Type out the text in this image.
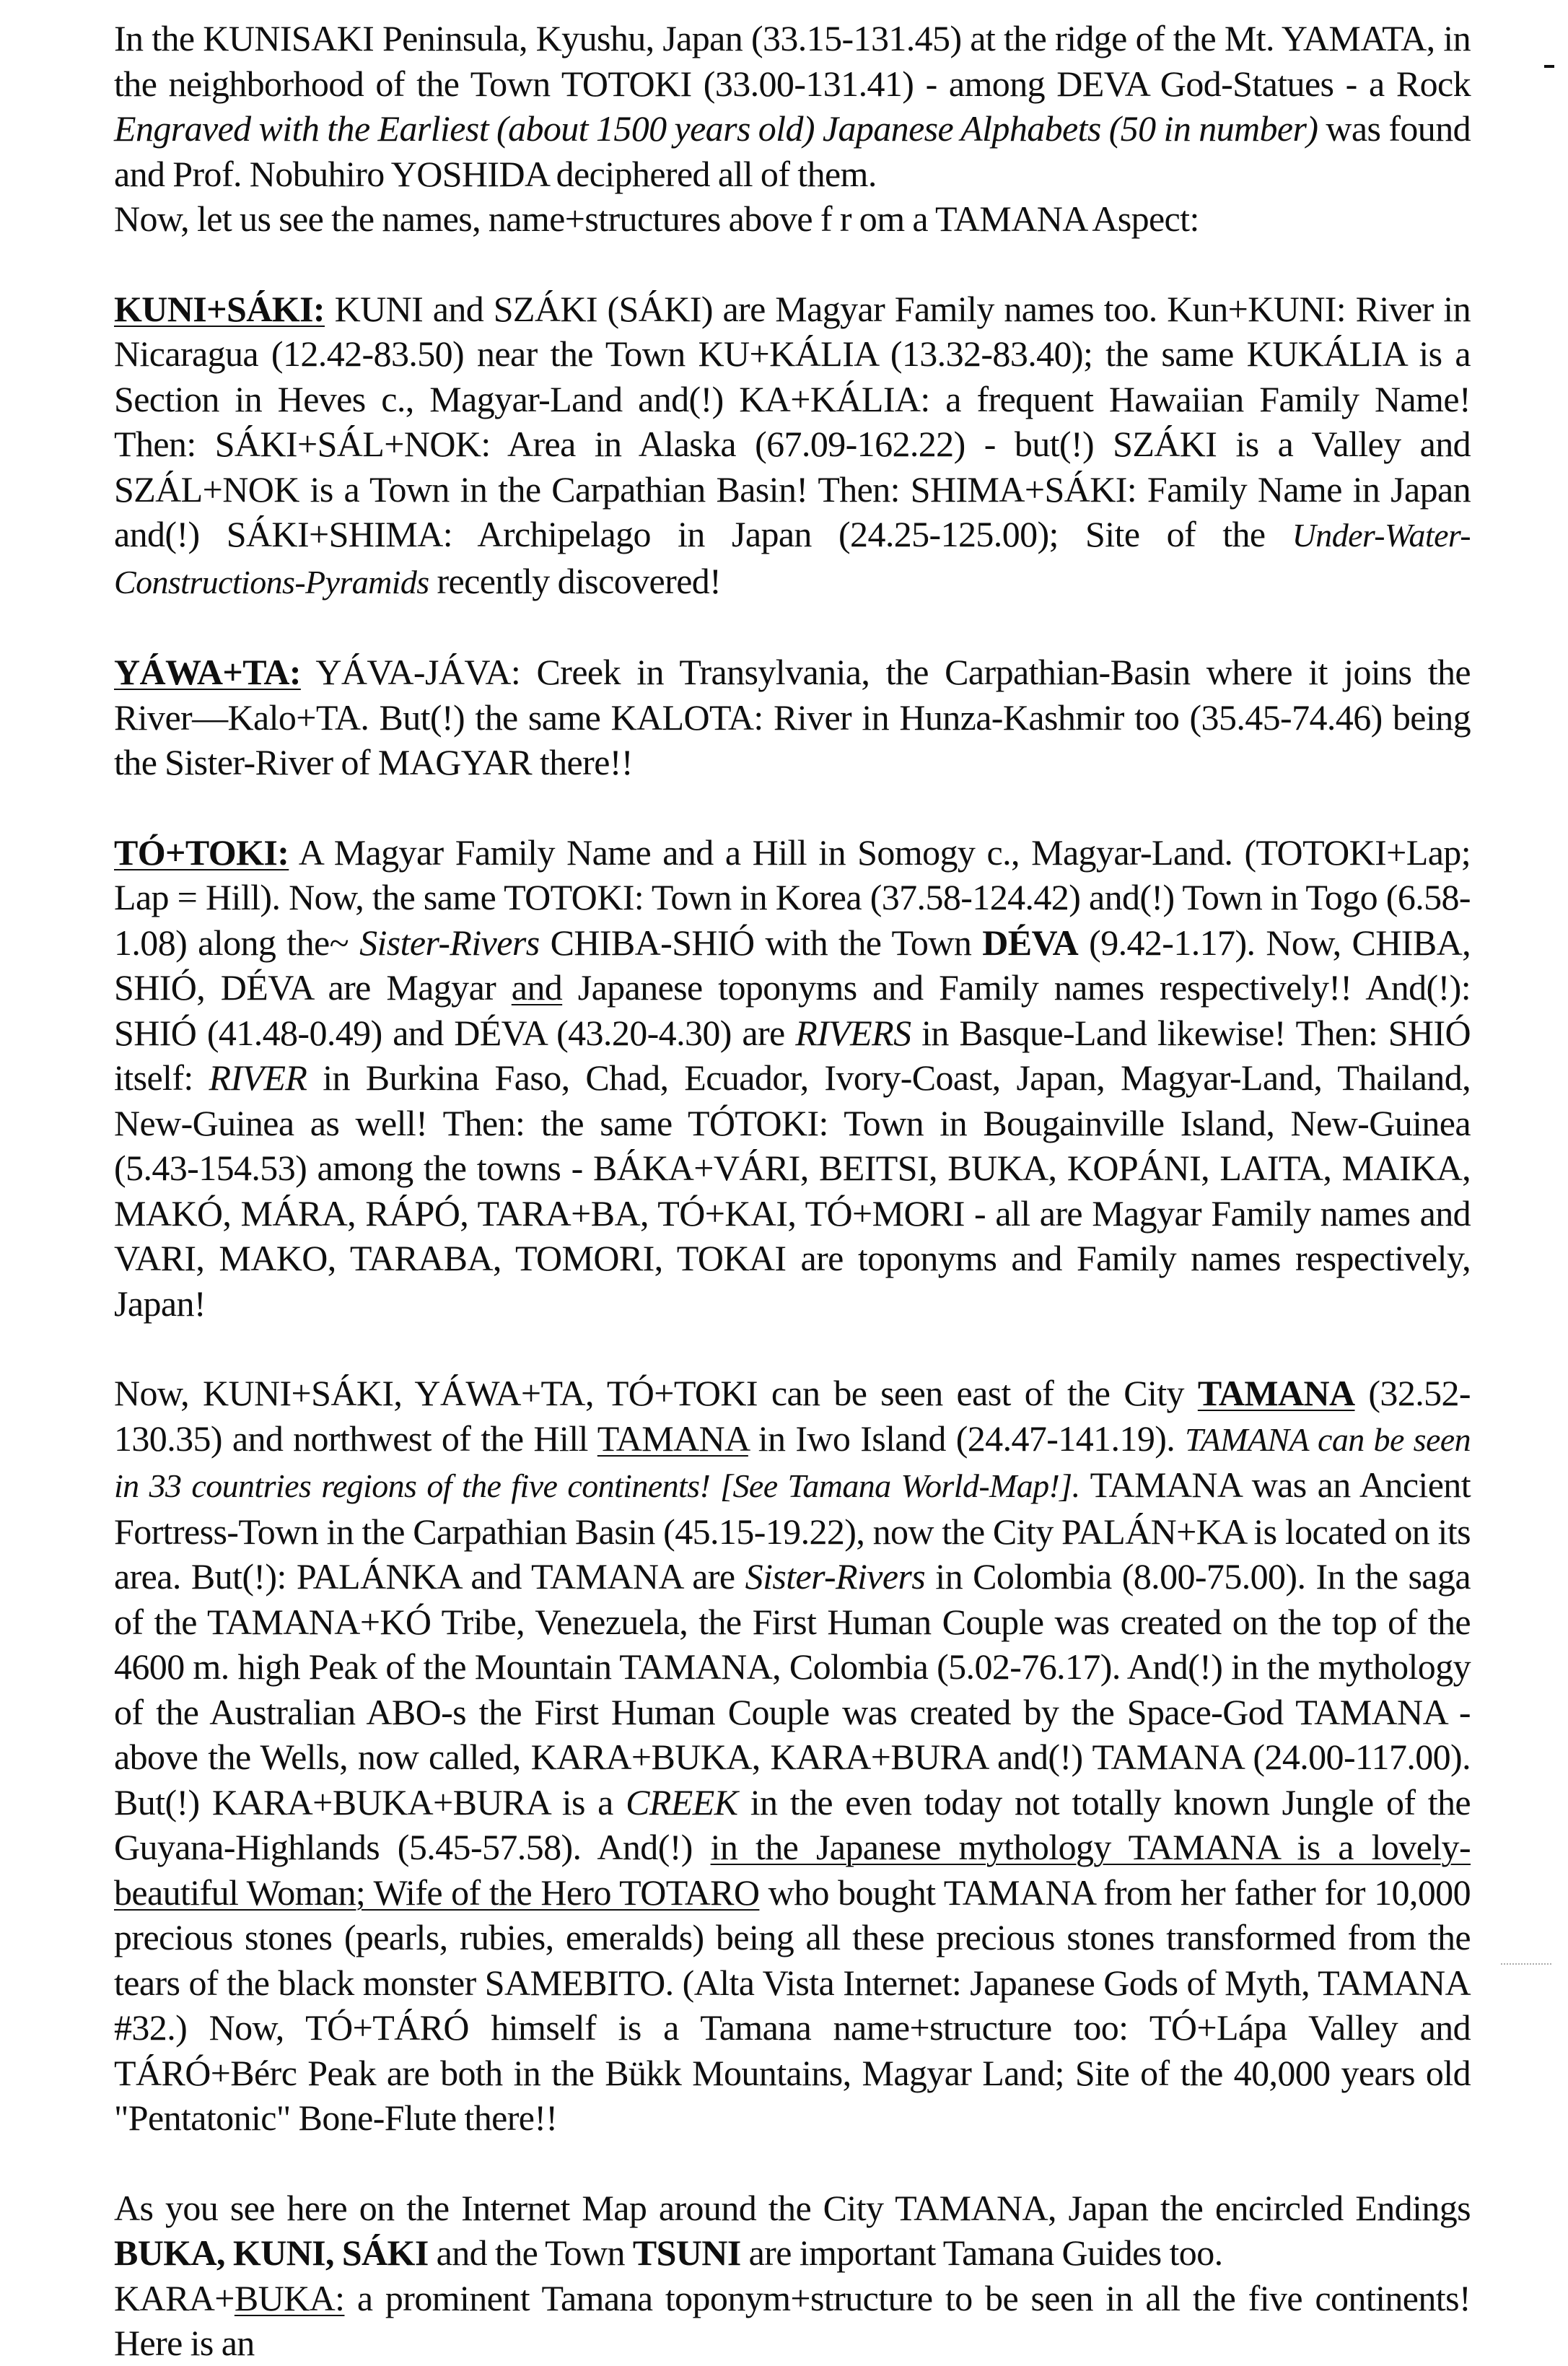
In the KUNISAKI Peninsula, Kyushu, Japan (33.15-131.45) at the ridge of the Mt. YAMATA, in the neighborhood of the Town TOTOKI (33.00-131.41) - among DEVA God-Statues - a Rock Engraved with the Earliest (about 1500 years old) Japanese Alphabets (50 in number) was found and Prof. Nobuhiro YOSHIDA deciphered all of them.

Now, let us see the names, name+structures above f r om a TAMANA Aspect:

KUNI+SÁKI: KUNI and SZÁKI (SÁKI) are Magyar Family names too. Kun+KUNI: River in Nicaragua (12.42-83.50) near the Town KU+KÁLIA (13.32-83.40); the same KUKÁLIA is a Section in Heves c., Magyar-Land and(!) KA+KÁLIA: a frequent Hawaiian Family Name! Then: SÁKI+SÁL+NOK: Area in Alaska (67.09-162.22) - but(!) SZÁKI is a Valley and SZÁL+NOK is a Town in the Carpathian Basin! Then: SHIMA+SÁKI: Family Name in Japan and(!) SÁKI+SHIMA: Archipelago in Japan (24.25-125.00); Site of the Under-Water-Constructions-Pyramids recently discovered!

YÁWA+TA: YÁVA-JÁVA: Creek in Transylvania, the Carpathian-Basin where it joins the River—Kalo+TA. But(!) the same KALOTA: River in Hunza-Kashmir too (35.45-74.46) being the Sister-River of MAGYAR there!!

TÓ+TOKI: A Magyar Family Name and a Hill in Somogy c., Magyar-Land. (TOTOKI+Lap; Lap = Hill). Now, the same TOTOKI: Town in Korea (37.58-124.42) and(!) Town in Togo (6.58-1.08) along the~ Sister-Rivers CHIBA-SHIÓ with the Town DÉVA (9.42-1.17). Now, CHIBA, SHIÓ, DÉVA are Magyar and Japanese toponyms and Family names respectively!! And(!): SHIÓ (41.48-0.49) and DÉVA (43.20-4.30) are RIVERS in Basque-Land likewise! Then: SHIÓ itself: RIVER in Burkina Faso, Chad, Ecuador, Ivory-Coast, Japan, Magyar-Land, Thailand, New-Guinea as well! Then: the same TÓTOKI: Town in Bougainville Island, New-Guinea (5.43-154.53) among the towns - BÁKA+VÁRI, BEITSI, BUKA, KOPÁNI, LAITA, MAIKA, MAKÓ, MÁRA, RÁPÓ, TARA+BA, TÓ+KAI, TÓ+MORI - all are Magyar Family names and VARI, MAKO, TARABA, TOMORI, TOKAI are toponyms and Family names respectively, Japan!

Now, KUNI+SÁKI, YÁWA+TA, TÓ+TOKI can be seen east of the City TAMANA (32.52-130.35) and northwest of the Hill TAMANA in Iwo Island (24.47-141.19). TAMANA can be seen in 33 countries regions of the five continents! [See Tamana World-Map!]. TAMANA was an Ancient Fortress-Town in the Carpathian Basin (45.15-19.22), now the City PALÁN+KA is located on its area. But(!): PALÁNKA and TAMANA are Sister-Rivers in Colombia (8.00-75.00). In the saga of the TAMANA+KÓ Tribe, Venezuela, the First Human Couple was created on the top of the 4600 m. high Peak of the Mountain TAMANA, Colombia (5.02-76.17). And(!) in the mythology of the Australian ABO-s the First Human Couple was created by the Space-God TAMANA - above the Wells, now called, KARA+BUKA, KARA+BURA and(!) TAMANA (24.00-117.00). But(!) KARA+BUKA+BURA is a CREEK in the even today not totally known Jungle of the Guyana-Highlands (5.45-57.58). And(!) in the Japanese mythology TAMANA is a lovely-beautiful Woman; Wife of the Hero TOTARO who bought TAMANA from her father for 10,000 precious stones (pearls, rubies, emeralds) being all these precious stones transformed from the tears of the black monster SAMEBITO. (Alta Vista Internet: Japanese Gods of Myth, TAMANA #32.) Now, TÓ+TÁRÓ himself is a Tamana name+structure too: TÓ+Lápa Valley and TÁRÓ+Bérc Peak are both in the Bükk Mountains, Magyar Land; Site of the 40,000 years old "Pentatonic" Bone-Flute there!!

As you see here on the Internet Map around the City TAMANA, Japan the encircled Endings BUKA, KUNI, SÁKI and the Town TSUNI are important Tamana Guides too.

KARA+BUKA: a prominent Tamana toponym+structure to be seen in all the five continents! Here is an
